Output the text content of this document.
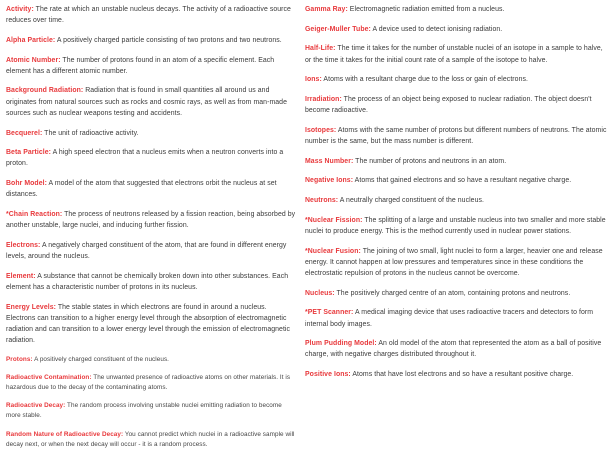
Activity: The rate at which an unstable nucleus decays. The activity of a radioactive source reduces over time.

Alpha Particle: A positively charged particle consisting of two protons and two neutrons.

Atomic Number: The number of protons found in an atom of a specific element. Each element has a different atomic number.

Background Radiation: Radiation that is found in small quantities all around us and originates from natural sources such as rocks and cosmic rays, as well as from man-made sources such as nuclear weapons testing and accidents.

Becquerel: The unit of radioactive activity.

Beta Particle: A high speed electron that a nucleus emits when a neutron converts into a proton.

Bohr Model: A model of the atom that suggested that electrons orbit the nucleus at set distances.

*Chain Reaction: The process of neutrons released by a fission reaction, being absorbed by another unstable, large nuclei, and inducing further fission.

Electrons: A negatively charged constituent of the atom, that are found in different energy levels, around the nucleus.

Element: A substance that cannot be chemically broken down into other substances. Each element has a characteristic number of protons in its nucleus.

Energy Levels: The stable states in which electrons are found in around a nucleus. Electrons can transition to a higher energy level through the absorption of electromagnetic radiation and can transition to a lower energy level through the emission of electromagnetic radiation.

Protons: A positively charged constituent of the nucleus.

Radioactive Contamination: The unwanted presence of radioactive atoms on other materials. It is hazardous due to the decay of the contaminating atoms.

Radioactive Decay: The random process involving unstable nuclei emitting radiation to become more stable.

Random Nature of Radioactive Decay: You cannot predict which nuclei in a radioactive sample will decay next, or when the next decay will occur - it is a random process.

Gamma Ray: Electromagnetic radiation emitted from a nucleus.

Geiger-Muller Tube: A device used to detect ionising radiation.

Half-Life: The time it takes for the number of unstable nuclei of an isotope in a sample to halve, or the time it takes for the initial count rate of a sample of the isotope to halve.

Ions: Atoms with a resultant charge due to the loss or gain of electrons.

Irradiation: The process of an object being exposed to nuclear radiation. The object doesn't become radioactive.

Isotopes: Atoms with the same number of protons but different numbers of neutrons. The atomic number is the same, but the mass number is different.

Mass Number: The number of protons and neutrons in an atom.

Negative Ions: Atoms that gained electrons and so have a resultant negative charge.

Neutrons: A neutrally charged constituent of the nucleus.

*Nuclear Fission: The splitting of a large and unstable nucleus into two smaller and more stable nuclei to produce energy. This is the method currently used in nuclear power stations.

*Nuclear Fusion: The joining of two small, light nuclei to form a larger, heavier one and release energy. It cannot happen at low pressures and temperatures since in these conditions the electrostatic repulsion of protons in the nucleus cannot be overcome.

Nucleus: The positively charged centre of an atom, containing protons and neutrons.

*PET Scanner: A medical imaging device that uses radioactive tracers and detectors to form internal body images.

Plum Pudding Model: An old model of the atom that represented the atom as a ball of positive charge, with negative charges distributed throughout it.

Positive Ions: Atoms that have lost electrons and so have a resultant positive charge.
